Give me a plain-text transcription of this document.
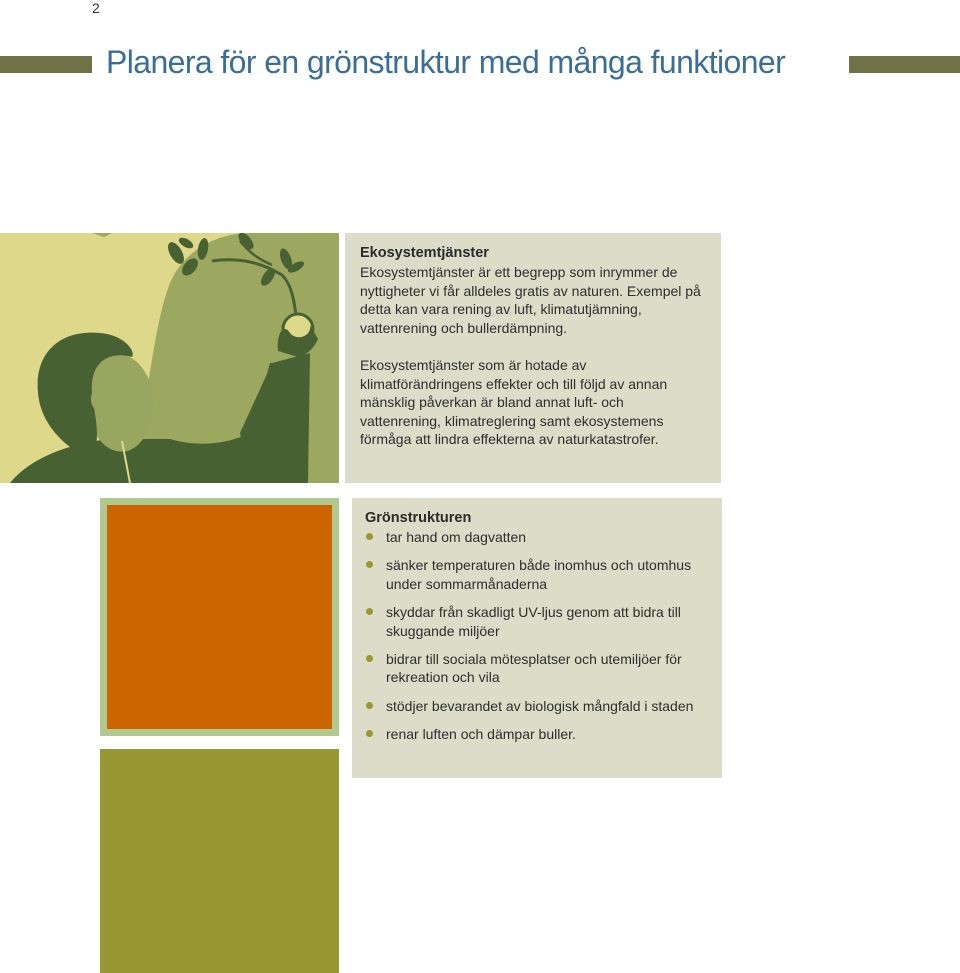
2
Planera för en grönstruktur med många funktioner
Ekosystemtjänster

Ekosystemtjänster är ett begrepp som inrymmer de nyttigheter vi får alldeles gratis av naturen. Exempel på detta kan vara rening av luft, klimatutjämning, vattenrening och bullerdämpning.

Ekosystemtjänster som är hotade av klimatförändringens effekter och till följd av annan mänsklig påverkan är bland annat luft- och vattenrening, klimatreglering samt ekosystemens förmåga att lindra effekterna av naturkatastrofer.

Grönstrukturen
tar hand om dagvatten
sänker temperaturen både inomhus och utomhus under sommarmånaderna
skyddar från skadligt UV-ljus genom att bidra till skuggande miljöer
bidrar till sociala mötesplatser och utemiljöer för rekreation och vila
stödjer bevarandet av biologisk mångfald i staden
renar luften och dämpar buller.
